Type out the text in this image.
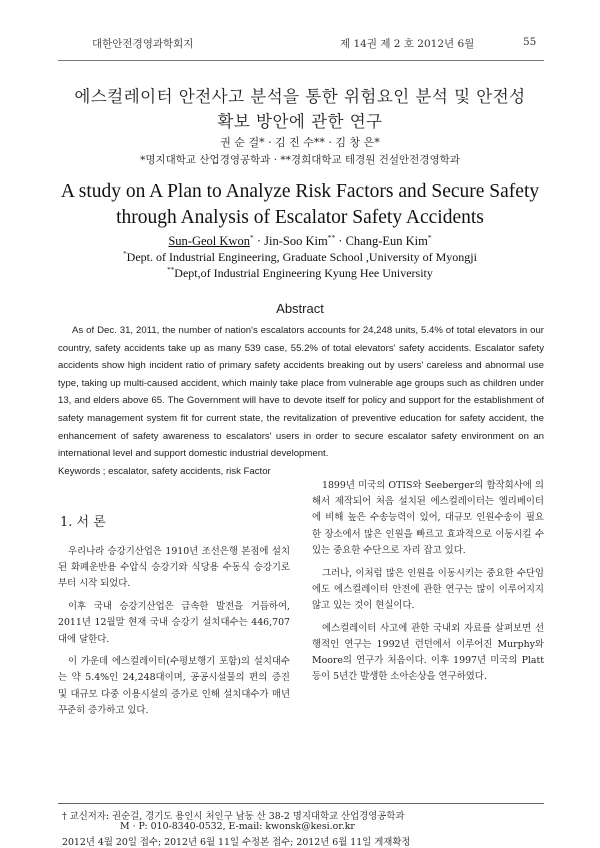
대한안전경영과학회지	제 14권 제 2 호 2012년 6월	55
에스컬레이터 안전사고 분석을 통한 위험요인 분석 및 안전성
확보 방안에 관한 연구
권 순 걸* · 김 진 수** · 김 창 은*
*명지대학교 산업경영공학과 · **경희대학교 테경원 건설안전경영학과
A study on A Plan to Analyze Risk Factors and Secure Safety
through Analysis of Escalator Safety Accidents
Sun-Geol Kwon* · Jin-Soo Kim** · Chang-Eun Kim*
*Dept. of Industrial Engineering, Graduate School ,University of Myongji
**Dept,of Industrial Engineering Kyung Hee University
Abstract

As of Dec. 31, 2011, the number of nation's escalators accounts for 24,248 units, 5.4% of total elevators in our country, safety accidents take up as many 539 case, 55.2% of total elevators' safety accidents. Escalator safety accidents show high incident ratio of primary safety accidents breaking out by users' careless and abnormal use type, taking up multi-caused accident, which mainly take place from vulnerable age groups such as children under 13, and elders above 65. The Government will have to devote itself for policy and support for the establishment of safety management system fit for current state, the revitalization of preventive education for safety accident, the enhancement of safety awareness to escalators' users in order to secure escalator safety environment on an international level and support domestic industrial development.

Keywords ; escalator, safety accidents, risk Factor
1. 서 론

우리나라 승강기산업은 1910년 조선은행 본점에 설치된 화폐운반용 수압식 승강기와 식당용 수동식 승강기로부터 시작 되었다.

이후 국내 승강기산업은 급속한 발전을 거듭하여, 2011년 12월말 현재 국내 승강기 설치대수는 446,707대에 달한다.

이 가운데 에스컬레이터(수평보행기 포함)의 설치대수는 약 5.4%인 24,248대이며, 공공시설물의 편의 증진 및 대규모 다중 이용시설의 증가로 인해 설치대수가 매년 꾸준히 증가하고 있다.

1899년 미국의 OTIS와 Seeberger의 합작회사에 의해서 제작되어 처음 설치된 에스컬레이터는 엘리베이터에 비해 높은 수송능력이 있어, 대규모 인원수송이 필요한 장소에서 많은 인원을 빠르고 효과적으로 이동시킬 수 있는 중요한 수단으로 자리 잡고 있다.

그러나, 이처럼 많은 인원을 이동시키는 중요한 수단임에도 에스컬레이터 안전에 관한 연구는 많이 이루어지지 않고 있는 것이 현실이다.

에스컬레이터 사고에 관한 국내외 자료를 살펴보면 선행적인 연구는 1992년 런던에서 이루어진 Murphy와 Moore의 연구가 처음이다. 이후 1997년 미국의 Platt 등이 5년간 발생한 소아손상을 연구하였다.

† 교신저자: 권순걸, 경기도 용인시 처인구 남동 산 38-2 명지대학교 산업경영공학과
M · P: 010-8340-0532, E-mail: kwonsk@kesi.or.kr
2012년 4월 20일 접수; 2012년 6월 11일 수정본 접수; 2012년 6월 11일 게재확정
